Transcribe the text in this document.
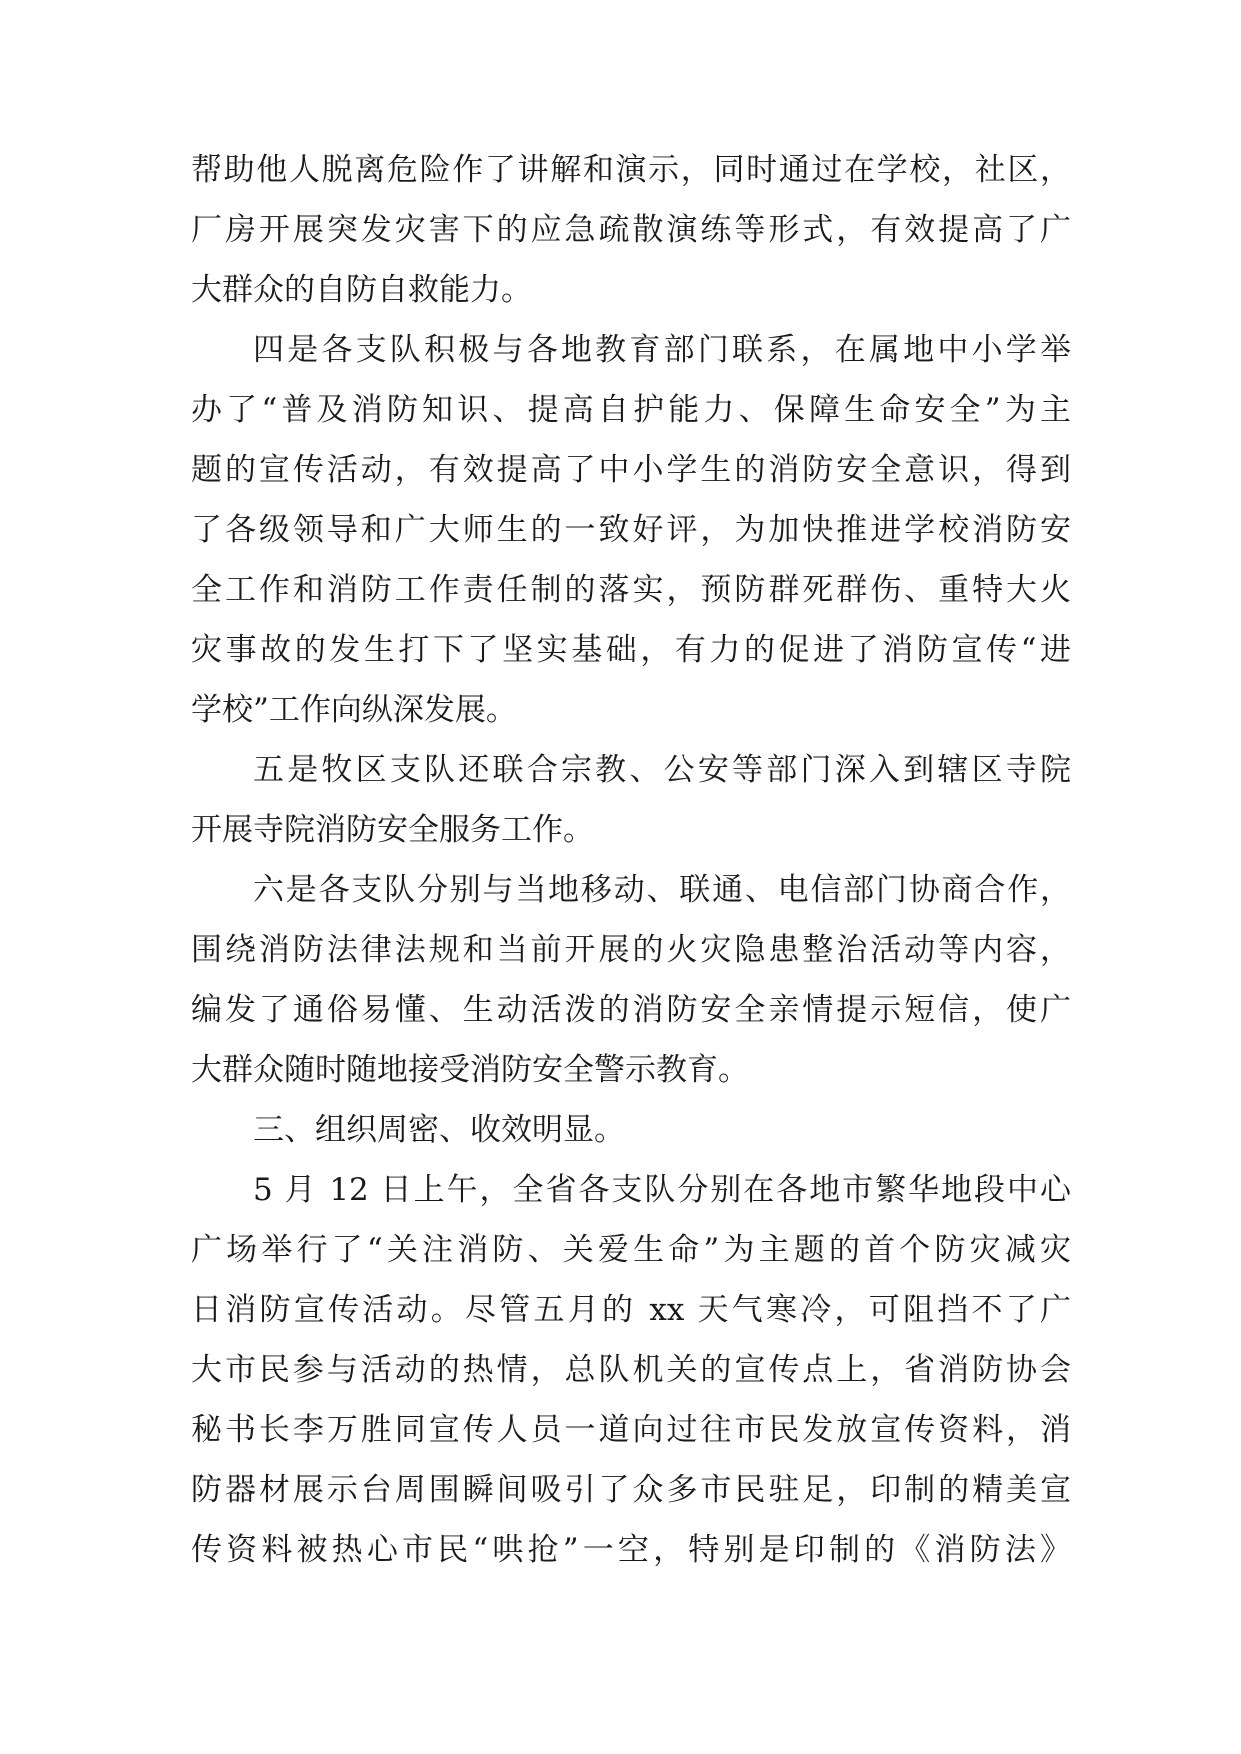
帮助他人脱离危险作了讲解和演示，同时通过在学校，社区，
厂房开展突发灾害下的应急疏散演练等形式，有效提高了广
大群众的自防自救能力。
四是各支队积极与各地教育部门联系，在属地中小学举
办了“普及消防知识、提高自护能力、保障生命安全”为主
题的宣传活动，有效提高了中小学生的消防安全意识，得到
了各级领导和广大师生的一致好评，为加快推进学校消防安
全工作和消防工作责任制的落实，预防群死群伤、重特大火
灾事故的发生打下了坚实基础，有力的促进了消防宣传“进
学校”工作向纵深发展。
五是牧区支队还联合宗教、公安等部门深入到辖区寺院
开展寺院消防安全服务工作。
六是各支队分别与当地移动、联通、电信部门协商合作，
围绕消防法律法规和当前开展的火灾隐患整治活动等内容，
编发了通俗易懂、生动活泼的消防安全亲情提示短信，使广
大群众随时随地接受消防安全警示教育。
三、组织周密、收效明显。
5 月 12 日上午，全省各支队分别在各地市繁华地段中心
广场举行了“关注消防、关爱生命”为主题的首个防灾减灾
日消防宣传活动。尽管五月的 xx 天气寒冷，可阻挡不了广
大市民参与活动的热情，总队机关的宣传点上，省消防协会
秘书长李万胜同宣传人员一道向过往市民发放宣传资料，消
防器材展示台周围瞬间吸引了众多市民驻足，印制的精美宣
传资料被热心市民“哄抢”一空，特别是印制的《消防法》
